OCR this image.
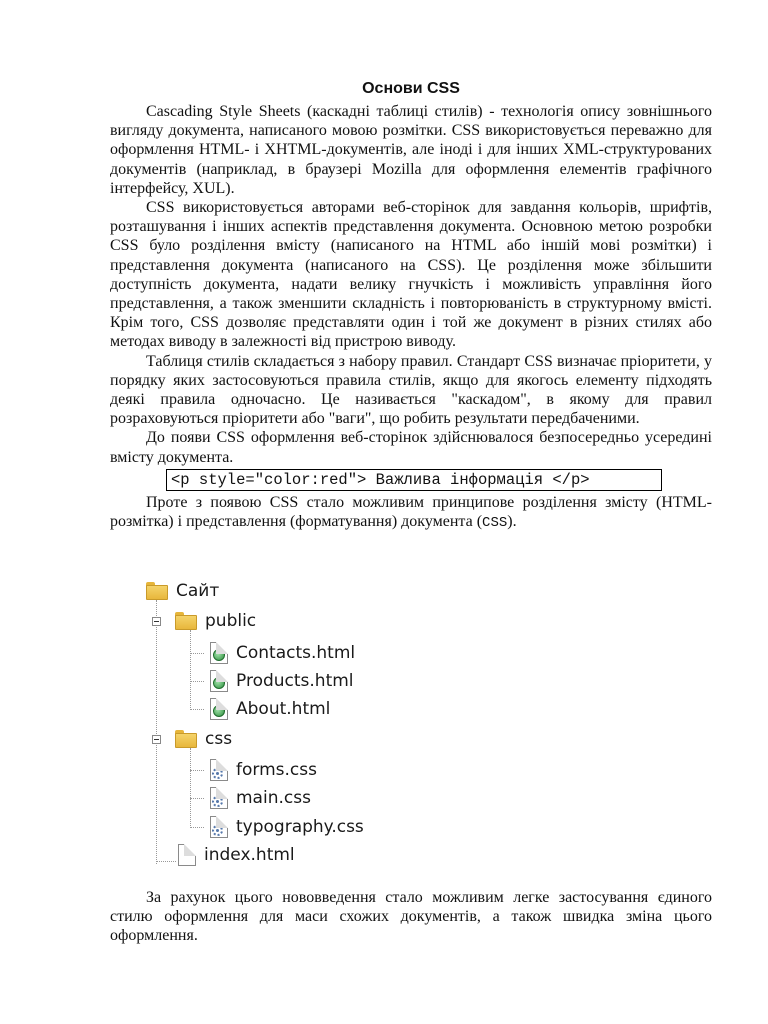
Основи CSS

Cascading Style Sheets (каскадні таблиці стилів) - технологія опису зовнішнього вигляду документа, написаного мовою розмітки. CSS використовується переважно для оформлення HTML- і XHTML-документів, але іноді і для інших XML-структурованих документів (наприклад, в браузері Mozilla для оформлення елементів графічного інтерфейсу, XUL).

CSS використовується авторами веб-сторінок для завдання кольорів, шрифтів, розташування і інших аспектів представлення документа. Основною метою розробки CSS було розділення вмісту (написаного на HTML або іншій мові розмітки) і представлення документа (написаного на CSS). Це розділення може збільшити доступність документа, надати велику гнучкість і можливість управління його представлення, а також зменшити складність і повторюваність в структурному вмісті. Крім того, CSS дозволяє представляти один і той же документ в різних стилях або методах виводу в залежності від пристрою виводу.

Таблиця стилів складається з набору правил. Стандарт CSS визначає пріоритети, у порядку яких застосовуються правила стилів, якщо для якогось елементу підходять деякі правила одночасно. Це називається "каскадом", в якому для правил розраховуються пріоритети або "ваги", що робить результати передбаченими.

До появи CSS оформлення веб-сторінок здійснювалося безпосередньо усередині вмісту документа.

<p style="color:red"> Важлива інформація </p>

Проте з появою CSS стало можливим принципове розділення змісту (HTML-розмітка) і представлення (форматування) документа (CSS).

Сайт
public
Contacts.html
Products.html
About.html
css
forms.css
main.css
typography.css
index.html

За рахунок цього нововведення стало можливим легке застосування єдиного стилю оформлення для маси схожих документів, а також швидка зміна цього оформлення.
